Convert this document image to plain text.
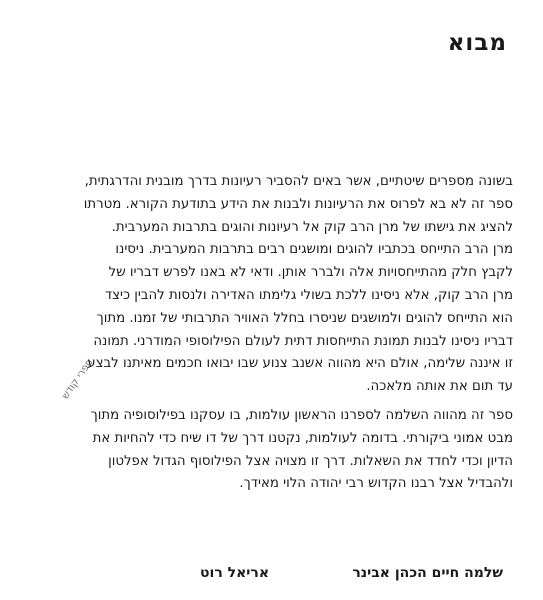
מבוא
בשונה מספרים שיטתיים, אשר באים להסביר רעיונות בדרך מובנית והדרגתית,
ספר זה לא בא לפרוס את הרעיונות ולבנות את הידע בתודעת הקורא. מטרתו
להציג את גישתו של מרן הרב קוק אל רעיונות והוגים בתרבות המערבית.
מרן הרב התייחס בכתביו להוגים ומושגים רבים בתרבות המערבית. ניסינו
לקבץ חלק מהתייחסויות אלה ולברר אותן. ודאי לא באנו לפרש דבריו של
מרן הרב קוק, אלא ניסינו ללכת בשולי גלימתו האדירה ולנסות להבין כיצד
הוא התייחס להוגים ולמושגים שניסרו בחלל האוויר התרבותי של זמנו. מתוך
דבריו ניסינו לבנות תמונת התייחסות דתית לעולם הפילוסופי המודרני. תמונה
זו איננה שלימה, אולם היא מהווה אשנב צנוע שבו יבואו חכמים מאיתנו לבצע
עד תום את אותה מלאכה.
ספר זה מהווה השלמה לספרנו הראשון עולמות, בו עסקנו בפילוסופיה מתוך
מבט אמוני ביקורתי. בדומה לעולמות, נקטנו דרך של דו שיח כדי להחיות את
הדיון וכדי לחדד את השאלות. דרך זו מצויה אצל הפילוסוף הגדול אפלטון
ולהבדיל אצל רבנו הקדוש רבי יהודה הלוי מאידך.
ספרי קודש
שלמה חיים הכהן אבינר
אריאל רוט
